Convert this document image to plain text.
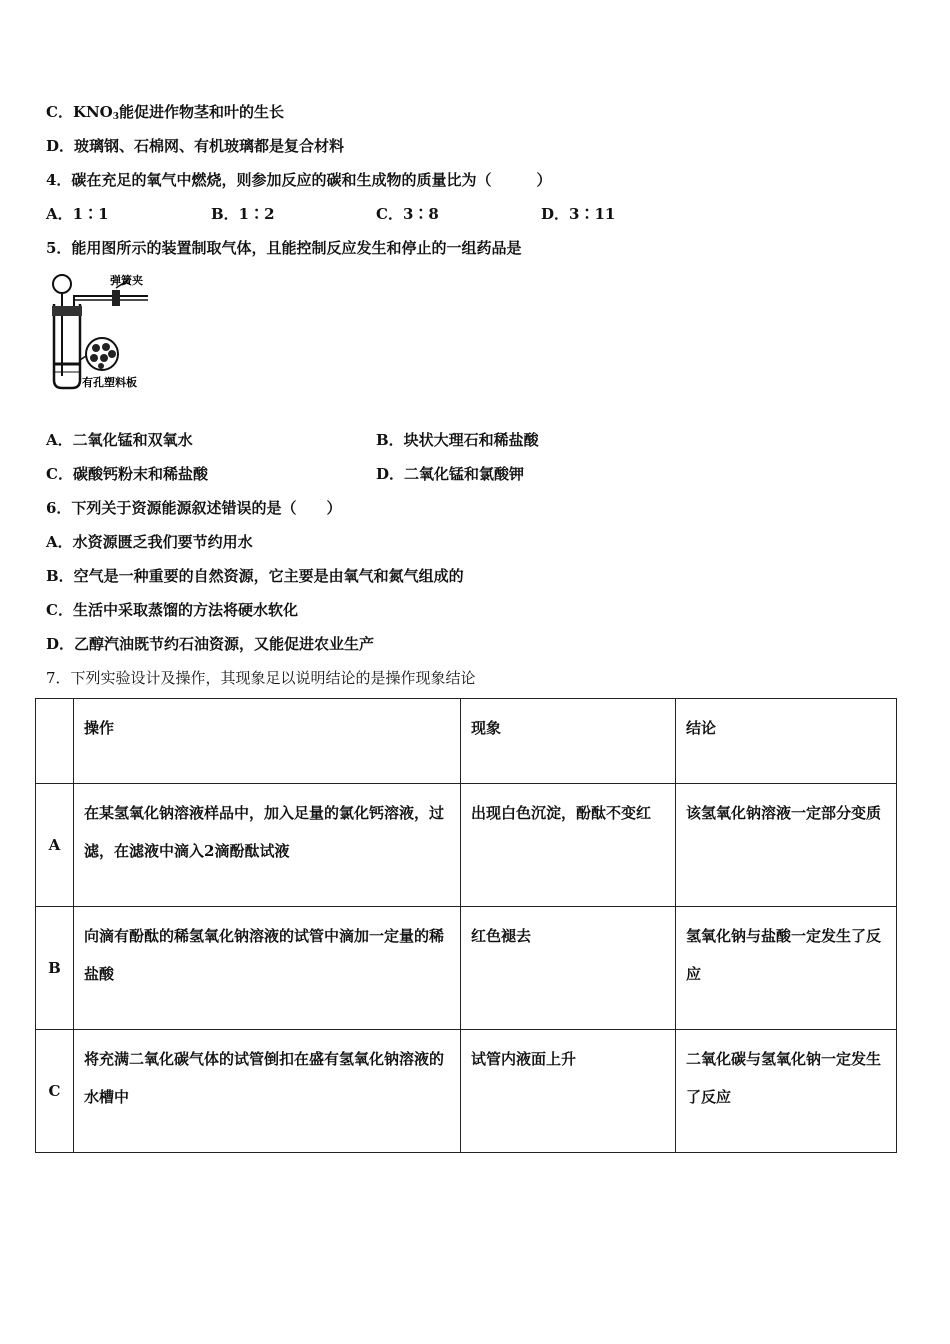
C．$KNO_3$能促进作物茎和叶的生长
D．玻璃钢、石棉网、有机玻璃都是复合材料
4．碳在充足的氧气中燃烧，则参加反应的碳和生成物的质量比为（　　　）
A．1∶1	B．1∶2	C．3∶8	D．3∶11
5．能用图所示的装置制取气体，且能控制反应发生和停止的一组药品是
弹簧夹
有孔塑料板
A．二氧化锰和双氧水	B．块状大理石和稀盐酸
C．碳酸钙粉末和稀盐酸	D．二氧化锰和氯酸钾
6．下列关于资源能源叙述错误的是（　　）
A．水资源匮乏我们要节约用水
B．空气是一种重要的自然资源，它主要是由氧气和氮气组成的
C．生活中采取蒸馏的方法将硬水软化
D．乙醇汽油既节约石油资源，又能促进农业生产
7．下列实验设计及操作，其现象足以说明结论的是操作现象结论
	操作	现象	结论
A	在某氢氧化钠溶液样品中，加入足量的氯化钙溶液，过滤，在滤液中滴入2滴酚酞试液	出现白色沉淀，酚酞不变红	该氢氧化钠溶液一定部分变质
B	向滴有酚酞的稀氢氧化钠溶液的试管中滴加一定量的稀盐酸	红色褪去	氢氧化钠与盐酸一定发生了反应
C	将充满二氧化碳气体的试管倒扣在盛有氢氧化钠溶液的水槽中	试管内液面上升	二氧化碳与氢氧化钠一定发生了反应
